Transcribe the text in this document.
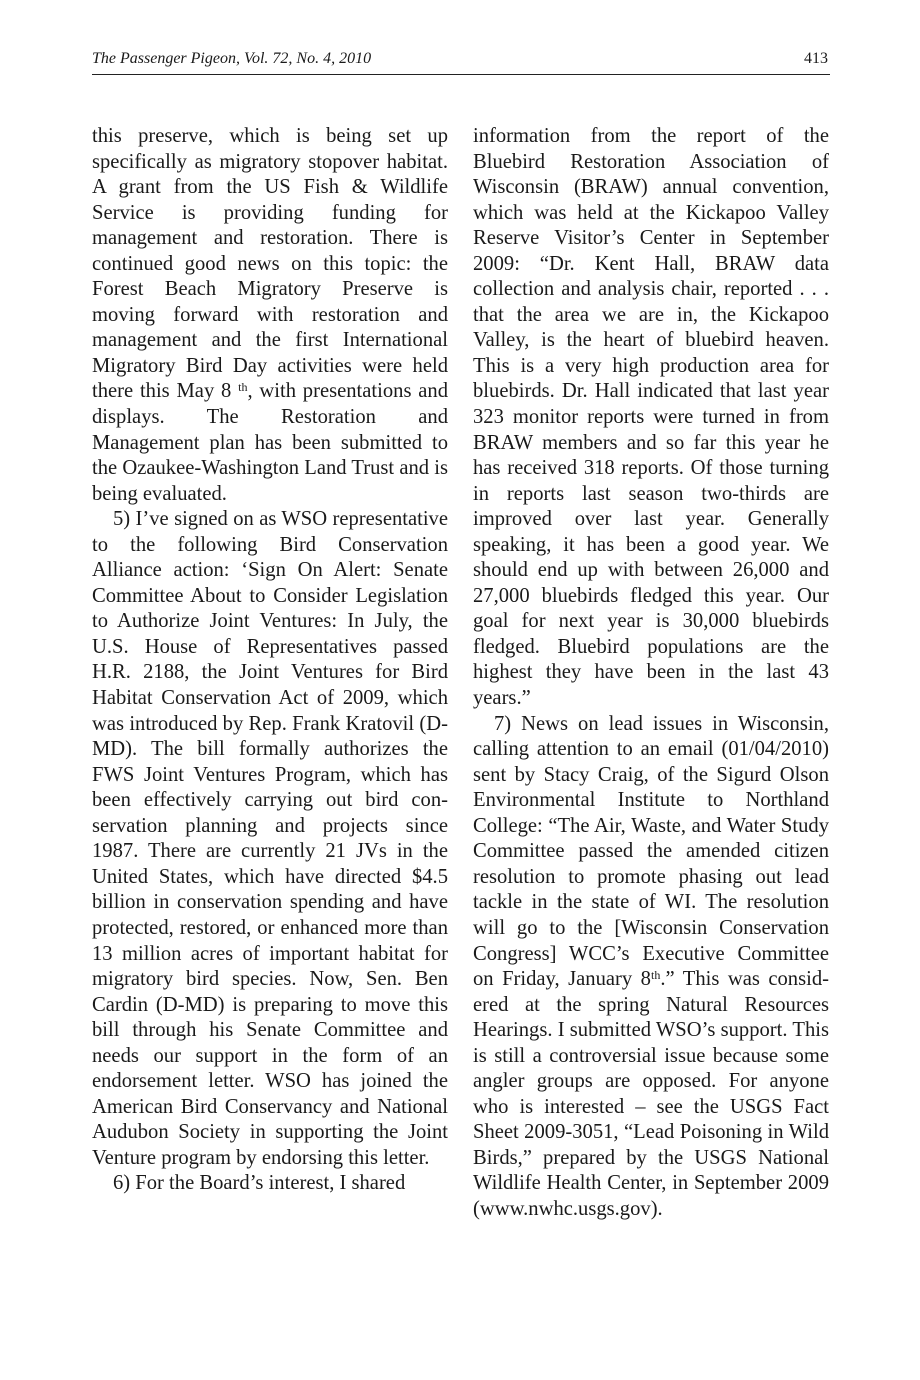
The Passenger Pigeon, Vol. 72, No. 4, 2010	413

this preserve, which is being set up specifically as migratory stopover habitat. A grant from the US Fish & Wildlife Service is providing funding for management and restoration. There is continued good news on this topic: the Forest Beach Migratory Preserve is moving forward with restoration and management and the first International Migratory Bird Day activities were held there this May 8 $^{th}$, with presentations and displays. The Restoration and Management plan has been submitted to the Ozaukee-Washington Land Trust and is being evaluated.

5) I’ve signed on as WSO representative to the following Bird Conservation Alliance action: ‘Sign On Alert: Senate Committee About to Consider Legislation to Authorize Joint Ventures: In July, the U.S. House of Representatives passed H.R. 2188, the Joint Ventures for Bird Habitat Conservation Act of 2009, which was introduced by Rep. Frank Kratovil (D-MD). The bill formally authorizes the FWS Joint Ventures Program, which has been effectively carrying out bird conservation planning and projects since 1987. There are currently 21 JVs in the United States, which have directed $4.5 billion in conservation spending and have protected, restored, or enhanced more than 13 million acres of important habitat for migratory bird species. Now, Sen. Ben Cardin (D-MD) is preparing to move this bill through his Senate Committee and needs our support in the form of an endorsement letter. WSO has joined the American Bird Conservancy and National Audubon Society in supporting the Joint Venture program by endorsing this letter.

6) For the Board’s interest, I shared

information from the report of the Bluebird Restoration Association of Wisconsin (BRAW) annual convention, which was held at the Kickapoo Valley Reserve Visitor’s Center in September 2009: “Dr. Kent Hall, BRAW data collection and analysis chair, reported . . . that the area we are in, the Kickapoo Valley, is the heart of bluebird heaven. This is a very high production area for bluebirds. Dr. Hall indicated that last year 323 monitor reports were turned in from BRAW members and so far this year he has received 318 reports. Of those turning in reports last season two-thirds are improved over last year. Generally speaking, it has been a good year. We should end up with between 26,000 and 27,000 bluebirds fledged this year. Our goal for next year is 30,000 bluebirds fledged. Bluebird populations are the highest they have been in the last 43 years.”

7) News on lead issues in Wisconsin, calling attention to an email (01/04/2010) sent by Stacy Craig, of the Sigurd Olson Environmental Institute to Northland College: “The Air, Waste, and Water Study Committee passed the amended citizen resolution to promote phasing out lead tackle in the state of WI. The resolution will go to the [Wisconsin Conservation Congress] WCC’s Executive Committee on Friday, January 8th.” This was considered at the spring Natural Resources Hearings. I submitted WSO’s support. This is still a controversial issue because some angler groups are opposed. For anyone who is interested – see the USGS Fact Sheet 2009-3051, “Lead Poisoning in Wild Birds,” prepared by the USGS National Wildlife Health Center, in September 2009 (www.nwhc.usgs.gov).
